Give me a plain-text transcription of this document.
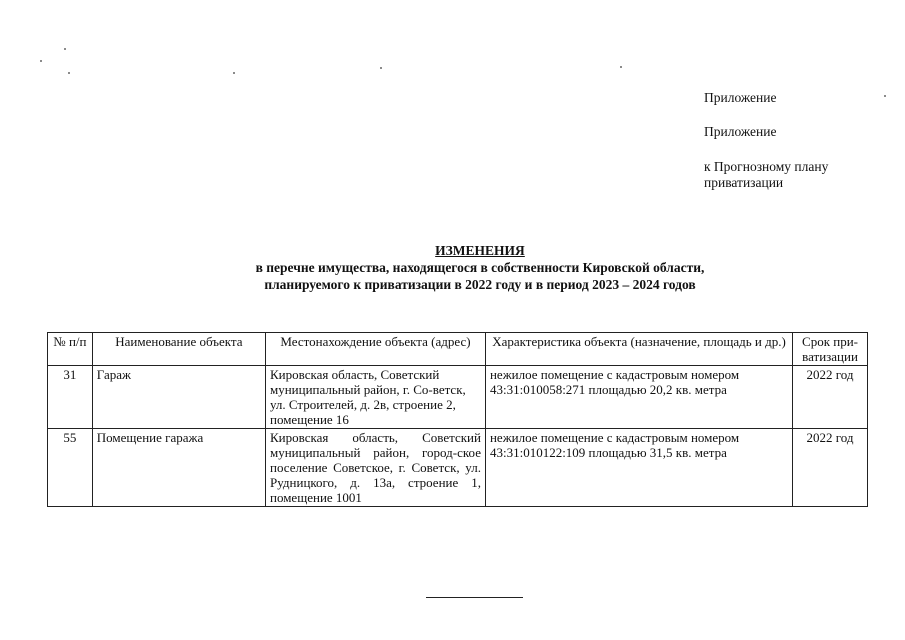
Приложение
Приложение
к Прогнозному плану приватизации
ИЗМЕНЕНИЯ
в перечне имущества, находящегося в собственности Кировской области,
планируемого к приватизации в 2022 году и в период 2023 – 2024 годов
№ п/п	Наименование объекта	Местонахождение объекта (адрес)	Характеристика объекта (назначение, площадь и др.)	Срок при-ватизации
31	Гараж	Кировская область, Советский муниципальный район, г. Со-ветск, ул. Строителей, д. 2в, строение 2, помещение 16	нежилое помещение с кадастровым номером 43:31:010058:271 площадью 20,2 кв. метра	2022 год
55	Помещение гаража	Кировская область, Советский муниципальный район, город-ское поселение Советское, г. Советск, ул. Рудницкого, д. 13а, строение 1, помещение 1001	нежилое помещение с кадастровым номером 43:31:010122:109 площадью 31,5 кв. метра	2022 год
